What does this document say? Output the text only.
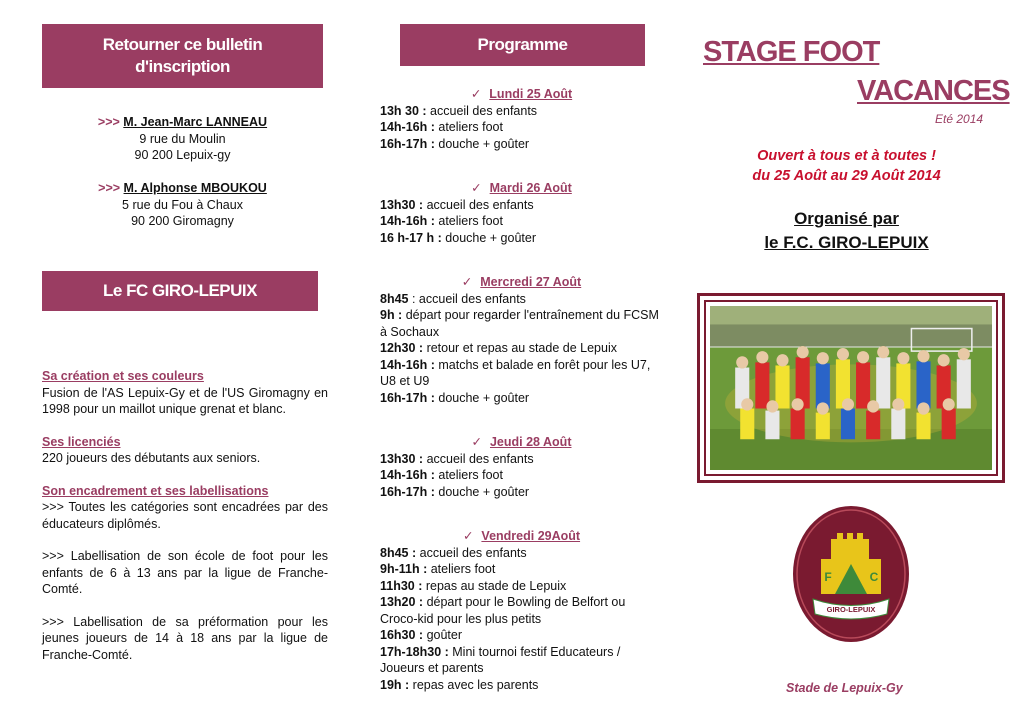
Retourner ce bulletin
d'inscription
>>> M. Jean-Marc LANNEAU
9 rue du Moulin
90 200 Lepuix-gy
>>> M. Alphonse MBOUKOU
5 rue du Fou à Chaux
90 200 Giromagny
Le FC GIRO-LEPUIX
Sa création et ses couleurs
Fusion de l'AS Lepuix-Gy et de l'US Giromagny en 1998 pour un maillot unique grenat et blanc.
Ses licenciés
220 joueurs des débutants aux seniors.
Son encadrement et ses labellisations
>>> Toutes les catégories sont encadrées par des éducateurs diplômés.
>>> Labellisation de son école de foot pour les enfants de 6 à 13 ans par la ligue de Franche-Comté.
>>> Labellisation de sa préformation pour les jeunes joueurs de 14 à 18 ans par la ligue de Franche-Comté.
Programme
✓ Lundi 25 Août
13h 30 : accueil des enfants
14h-16h : ateliers foot
16h-17h : douche + goûter
✓ Mardi 26 Août
13h30 : accueil des enfants
14h-16h : ateliers foot
16 h-17 h : douche + goûter
✓ Mercredi 27 Août
8h45 : accueil des enfants
9h : départ pour regarder l'entraînement du FCSM à Sochaux
12h30 : retour et repas au stade de Lepuix
14h-16h : matchs et balade en forêt pour les U7, U8 et U9
16h-17h : douche + goûter
✓ Jeudi 28 Août
13h30 : accueil des enfants
14h-16h : ateliers foot
16h-17h : douche + goûter
✓ Vendredi 29Août
8h45 : accueil des enfants
9h-11h : ateliers foot
11h30 : repas au stade de Lepuix
13h20 : départ pour le Bowling de Belfort ou Croco-kid pour les plus petits
16h30 : goûter
17h-18h30 : Mini tournoi festif Educateurs / Joueurs et parents
19h : repas avec les parents
STAGE FOOT
VACANCES
Eté 2014
Ouvert à tous et à toutes !
du 25 Août au 29 Août 2014
Organisé par
le F.C. GIRO-LEPUIX
F	C
GIRO-LEPUIX
Stade de Lepuix-Gy
